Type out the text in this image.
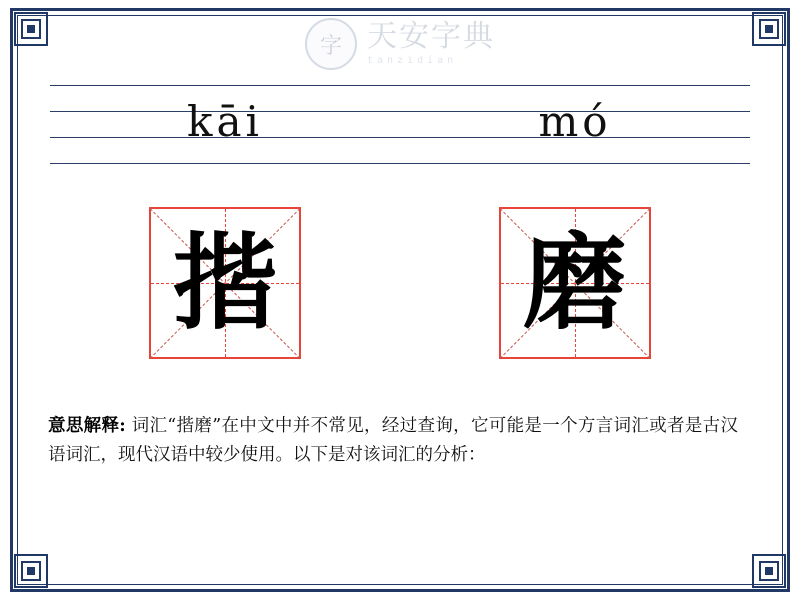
字 天安字典
tanzidian
kāi	mó
揩 磨
意思解释: 词汇“揩磨”在中文中并不常见，经过查询，它可能是一个方言词汇或者是古汉语词汇，现代汉语中较少使用。以下是对该词汇的分析：
